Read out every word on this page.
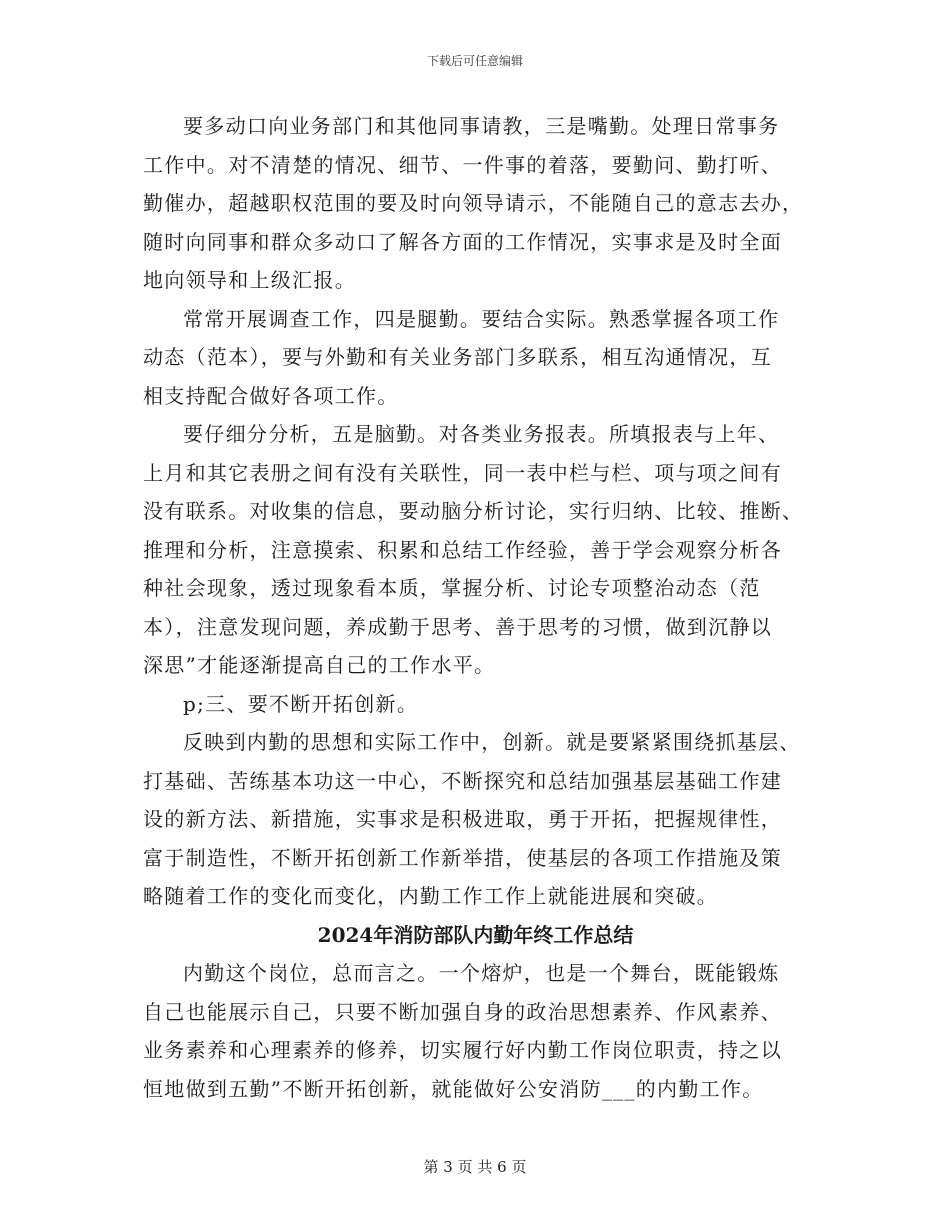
下载后可任意编辑

要多动口向业务部门和其他同事请教，三是嘴勤。处理日常事务
工作中。对不清楚的情况、细节、一件事的着落，要勤问、勤打听、
勤催办，超越职权范围的要及时向领导请示，不能随自己的意志去办，
随时向同事和群众多动口了解各方面的工作情况，实事求是及时全面
地向领导和上级汇报。

常常开展调查工作，四是腿勤。要结合实际。熟悉掌握各项工作
动态（范本），要与外勤和有关业务部门多联系，相互沟通情况，互
相支持配合做好各项工作。

要仔细分分析，五是脑勤。对各类业务报表。所填报表与上年、
上月和其它表册之间有没有关联性，同一表中栏与栏、项与项之间有
没有联系。对收集的信息，要动脑分析讨论，实行归纳、比较、推断、
推理和分析，注意摸索、积累和总结工作经验，善于学会观察分析各
种社会现象，透过现象看本质，掌握分析、讨论专项整治动态（范
本），注意发现问题，养成勤于思考、善于思考的习惯，做到沉静以
深思”才能逐渐提高自己的工作水平。

p;三、要不断开拓创新。

反映到内勤的思想和实际工作中，创新。就是要紧紧围绕抓基层、
打基础、苦练基本功这一中心，不断探究和总结加强基层基础工作建
设的新方法、新措施，实事求是积极进取，勇于开拓，把握规律性，
富于制造性，不断开拓创新工作新举措，使基层的各项工作措施及策
略随着工作的变化而变化，内勤工作工作上就能进展和突破。

2024年消防部队内勤年终工作总结

内勤这个岗位，总而言之。一个熔炉，也是一个舞台，既能锻炼
自己也能展示自己，只要不断加强自身的政治思想素养、作风素养、
业务素养和心理素养的修养，切实履行好内勤工作岗位职责，持之以
恒地做到五勤”不断开拓创新，就能做好公安消防___的内勤工作。

第 3 页 共 6 页
